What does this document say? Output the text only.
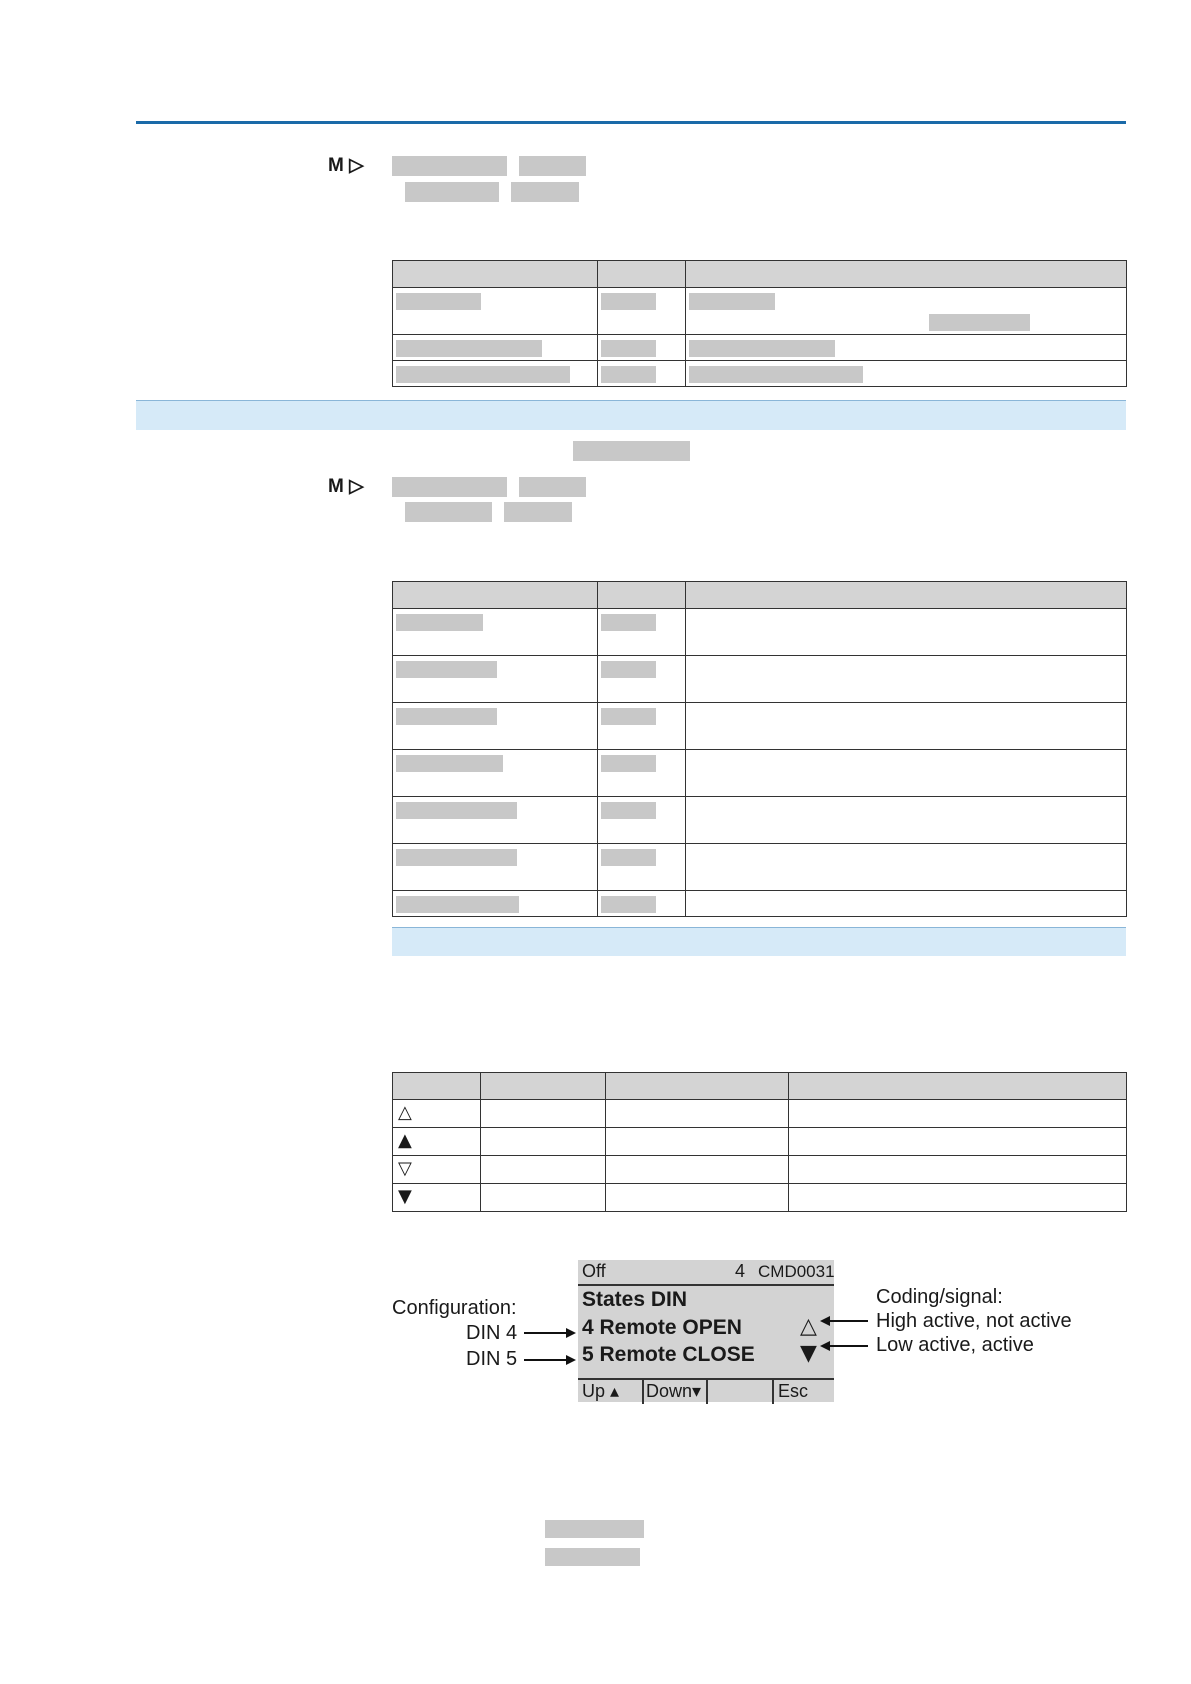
M ▷

M ▷

△			

▲			

▽			

▼			

Off	4 CMD0031
States DIN
4 Remote OPEN
5 Remote CLOSE
△
▼
Up ▴	Down▾	Esc
Configuration:
DIN 4
DIN 5
Coding/signal:
High active, not active
Low active, active
